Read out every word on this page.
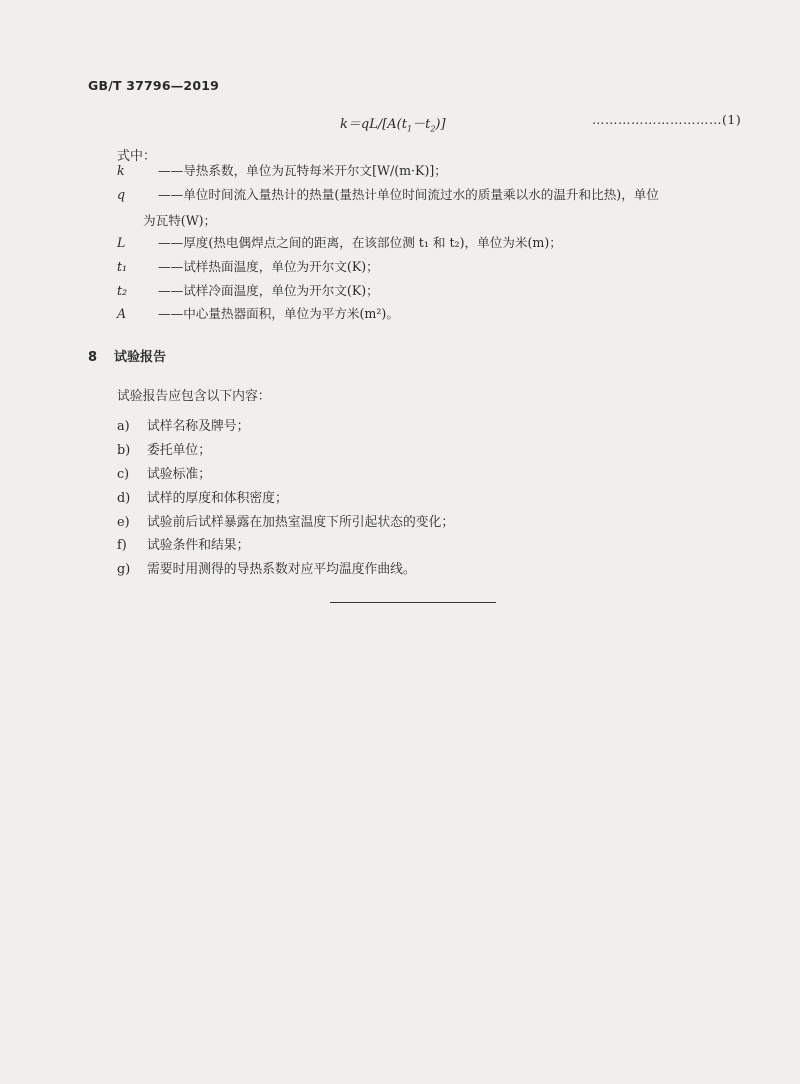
GB/T 37796—2019
$k=qL/[A(t_1-t_2)]$	…………………………(1)
式中：
k	——导热系数，单位为瓦特每米开尔文[W/(m·K)]；
q	——单位时间流入量热计的热量(量热计单位时间流过水的质量乘以水的温升和比热)，单位
为瓦特(W)；
L	——厚度(热电偶焊点之间的距离，在该部位测 t₁ 和 t₂)，单位为米(m)；
t₁	——试样热面温度，单位为开尔文(K)；
t₂	——试样冷面温度，单位为开尔文(K)；
A	——中心量热器面积，单位为平方米(m²)。
8 试验报告
试验报告应包含以下内容：
a) 试样名称及牌号；
b) 委托单位；
c) 试验标准；
d) 试样的厚度和体积密度；
e) 试验前后试样暴露在加热室温度下所引起状态的变化；
f) 试验条件和结果；
g) 需要时用测得的导热系数对应平均温度作曲线。
